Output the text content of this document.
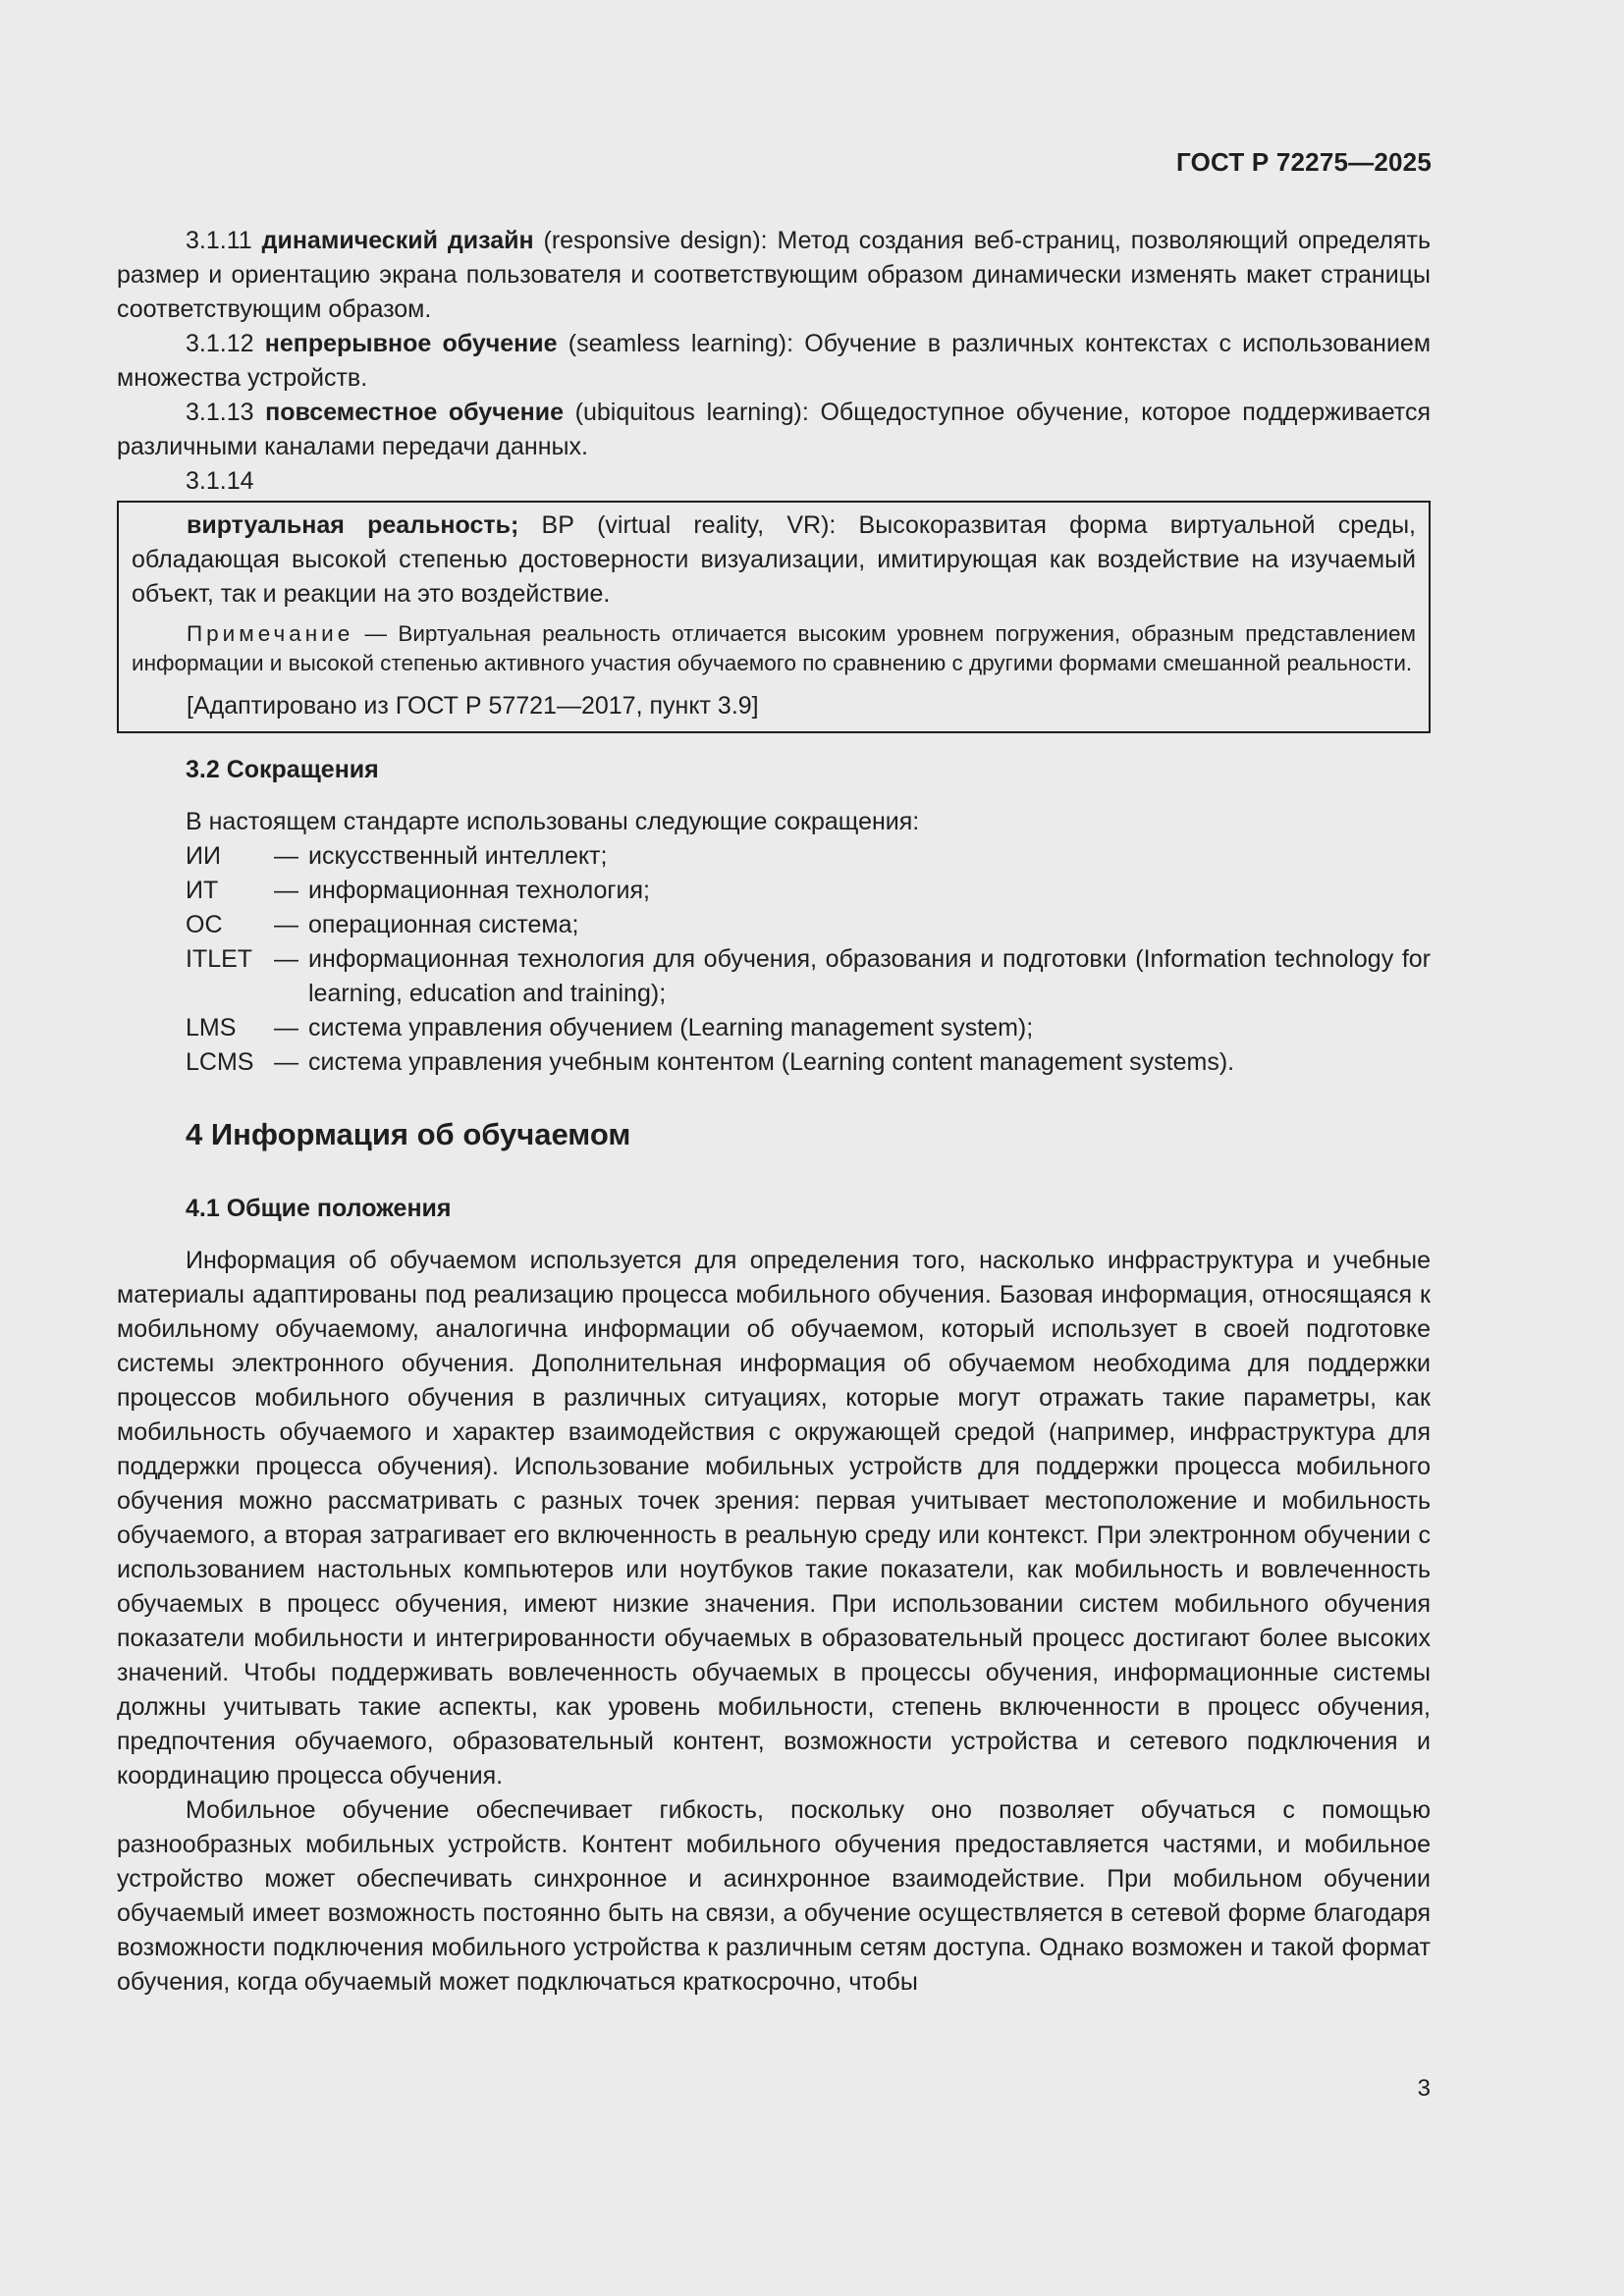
ГОСТ Р 72275—2025

3.1.11 динамический дизайн (responsive design): Метод создания веб-страниц, позволяющий определять размер и ориентацию экрана пользователя и соответствующим образом динамически изменять макет страницы соответствующим образом.

3.1.12 непрерывное обучение (seamless learning): Обучение в различных контекстах с использованием множества устройств.

3.1.13 повсеместное обучение (ubiquitous learning): Общедоступное обучение, которое поддерживается различными каналами передачи данных.

3.1.14

виртуальная реальность; ВР (virtual reality, VR): Высокоразвитая форма виртуальной среды, обладающая высокой степенью достоверности визуализации, имитирующая как воздействие на изучаемый объект, так и реакции на это воздействие.

Примечание — Виртуальная реальность отличается высоким уровнем погружения, образным представлением информации и высокой степенью активного участия обучаемого по сравнению с другими формами смешанной реальности.

[Адаптировано из ГОСТ Р 57721—2017, пункт 3.9]

3.2 Сокращения

В настоящем стандарте использованы следующие сокращения:

ИИ	— искусственный интеллект;
ИТ	— информационная технология;
ОС	— операционная система;
ITLET — информационная технология для обучения, образования и подготовки (Information technology for learning, education and training);
LMS	— система управления обучением (Learning management system);
LCMS — система управления учебным контентом (Learning content management systems).
4 Информация об обучаемом
4.1 Общие положения

Информация об обучаемом используется для определения того, насколько инфраструктура и учебные материалы адаптированы под реализацию процесса мобильного обучения. Базовая информация, относящаяся к мобильному обучаемому, аналогична информации об обучаемом, который использует в своей подготовке системы электронного обучения. Дополнительная информация об обучаемом необходима для поддержки процессов мобильного обучения в различных ситуациях, которые могут отражать такие параметры, как мобильность обучаемого и характер взаимодействия с окружающей средой (например, инфраструктура для поддержки процесса обучения). Использование мобильных устройств для поддержки процесса мобильного обучения можно рассматривать с разных точек зрения: первая учитывает местоположение и мобильность обучаемого, а вторая затрагивает его включенность в реальную среду или контекст. При электронном обучении с использованием настольных компьютеров или ноутбуков такие показатели, как мобильность и вовлеченность обучаемых в процесс обучения, имеют низкие значения. При использовании систем мобильного обучения показатели мобильности и интегрированности обучаемых в образовательный процесс достигают более высоких значений. Чтобы поддерживать вовлеченность обучаемых в процессы обучения, информационные системы должны учитывать такие аспекты, как уровень мобильности, степень включенности в процесс обучения, предпочтения обучаемого, образовательный контент, возможности устройства и сетевого подключения и координацию процесса обучения.

Мобильное обучение обеспечивает гибкость, поскольку оно позволяет обучаться с помощью разнообразных мобильных устройств. Контент мобильного обучения предоставляется частями, и мобильное устройство может обеспечивать синхронное и асинхронное взаимодействие. При мобильном обучении обучаемый имеет возможность постоянно быть на связи, а обучение осуществляется в сетевой форме благодаря возможности подключения мобильного устройства к различным сетям доступа. Однако возможен и такой формат обучения, когда обучаемый может подключаться краткосрочно, чтобы

3
